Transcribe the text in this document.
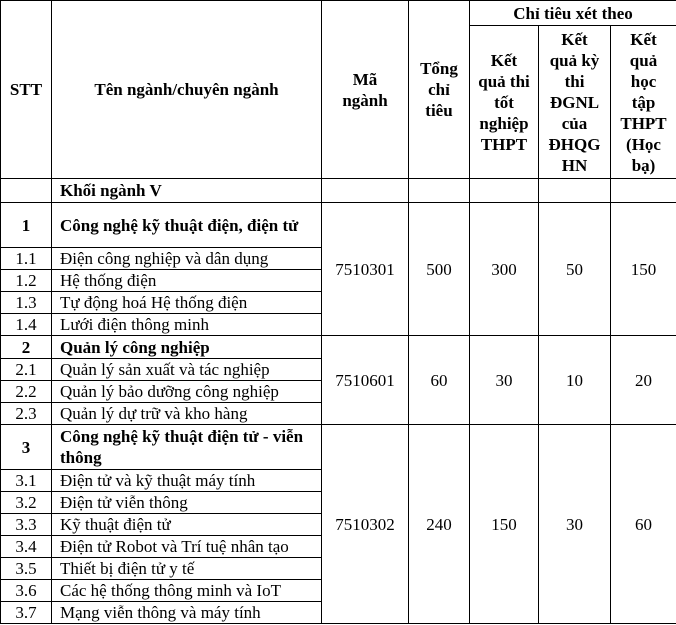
STT	Tên ngành/chuyên ngành	Mã ngành	Tổng chỉ tiêu	Chỉ tiêu xét theo		

				Kết quả thi tốt nghiệp THPT	Kết quả kỳ thi ĐGNL của ĐHQG HN	Kết quả học tập THPT (Học bạ)

	Khối ngành V					
1	Công nghệ kỹ thuật điện, điện tử	7510301	500	300	50	150
1.1	Điện công nghiệp và dân dụng					
1.2	Hệ thống điện					
1.3	Tự động hoá Hệ thống điện					
1.4	Lưới điện thông minh					
2	Quản lý công nghiệp	7510601	60	30	10	20
2.1	Quản lý sản xuất và tác nghiệp					
2.2	Quản lý bảo dưỡng công nghiệp					
2.3	Quản lý dự trữ và kho hàng					
3	Công nghệ kỹ thuật điện tử - viễn thông	7510302	240	150	30	60
3.1	Điện tử và kỹ thuật máy tính					
3.2	Điện tử viễn thông					
3.3	Kỹ thuật điện tử					
3.4	Điện tử Robot và Trí tuệ nhân tạo					
3.5	Thiết bị điện tử y tế					
3.6	Các hệ thống thông minh và IoT					
3.7	Mạng viễn thông và máy tính					
